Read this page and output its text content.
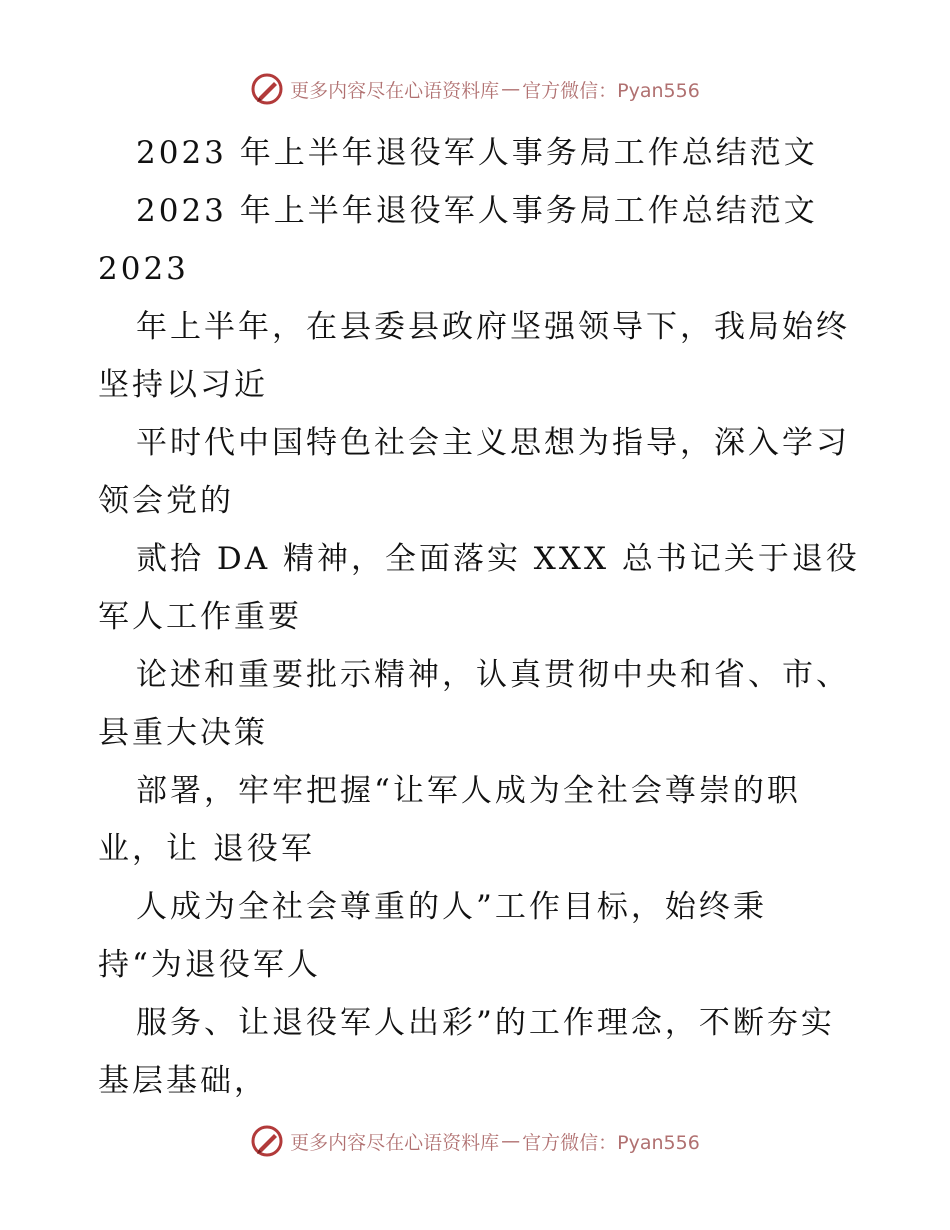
更多内容尽在心语资料库 — 官方微信：Pyan556
2023 年上半年退役军人事务局工作总结范文
2023 年上半年退役军人事务局工作总结范文
2023
年上半年，在县委县政府坚强领导下，我局始终
坚持以习近
平时代中国特色社会主义思想为指导，深入学习
领会党的
贰拾 DA 精神，全面落实 XXX 总书记关于退役
军人工作重要
论述和重要批示精神，认真贯彻中央和省、市、
县重大决策
部署，牢牢把握“让军人成为全社会尊崇的职
业，让 退役军
人成为全社会尊重的人”工作目标，始终秉
持“为退役军人
服务、让退役军人出彩”的工作理念，不断夯实
基层基础，
更多内容尽在心语资料库 — 官方微信：Pyan556
